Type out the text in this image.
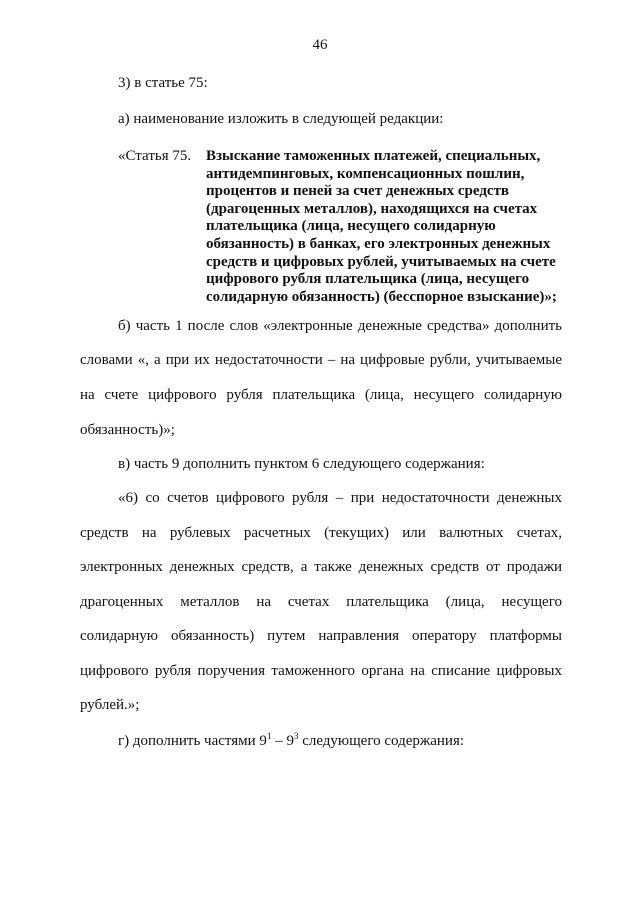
46
3) в статье 75:
а) наименование изложить в следующей редакции:
«Статья 75. Взыскание таможенных платежей, специальных, антидемпинговых, компенсационных пошлин, процентов и пеней за счет денежных средств (драгоценных металлов), находящихся на счетах плательщика (лица, несущего солидарную обязанность) в банках, его электронных денежных средств и цифровых рублей, учитываемых на счете цифрового рубля плательщика (лица, несущего солидарную обязанность) (бесспорное взыскание)»;
б) часть 1 после слов «электронные денежные средства» дополнить
словами «, а при их недостаточности – на цифровые рубли, учитываемые
на счете цифрового рубля плательщика (лица, несущего солидарную
обязанность)»;
в) часть 9 дополнить пунктом 6 следующего содержания:
«6) со счетов цифрового рубля – при недостаточности денежных
средств на рублевых расчетных (текущих) или валютных счетах,
электронных денежных средств, а также денежных средств от продажи
драгоценных металлов на счетах плательщика (лица, несущего
солидарную обязанность) путем направления оператору платформы
цифрового рубля поручения таможенного органа на списание цифровых
рублей.»;
г) дополнить частями $9^1 - 9^3$ следующего содержания:
